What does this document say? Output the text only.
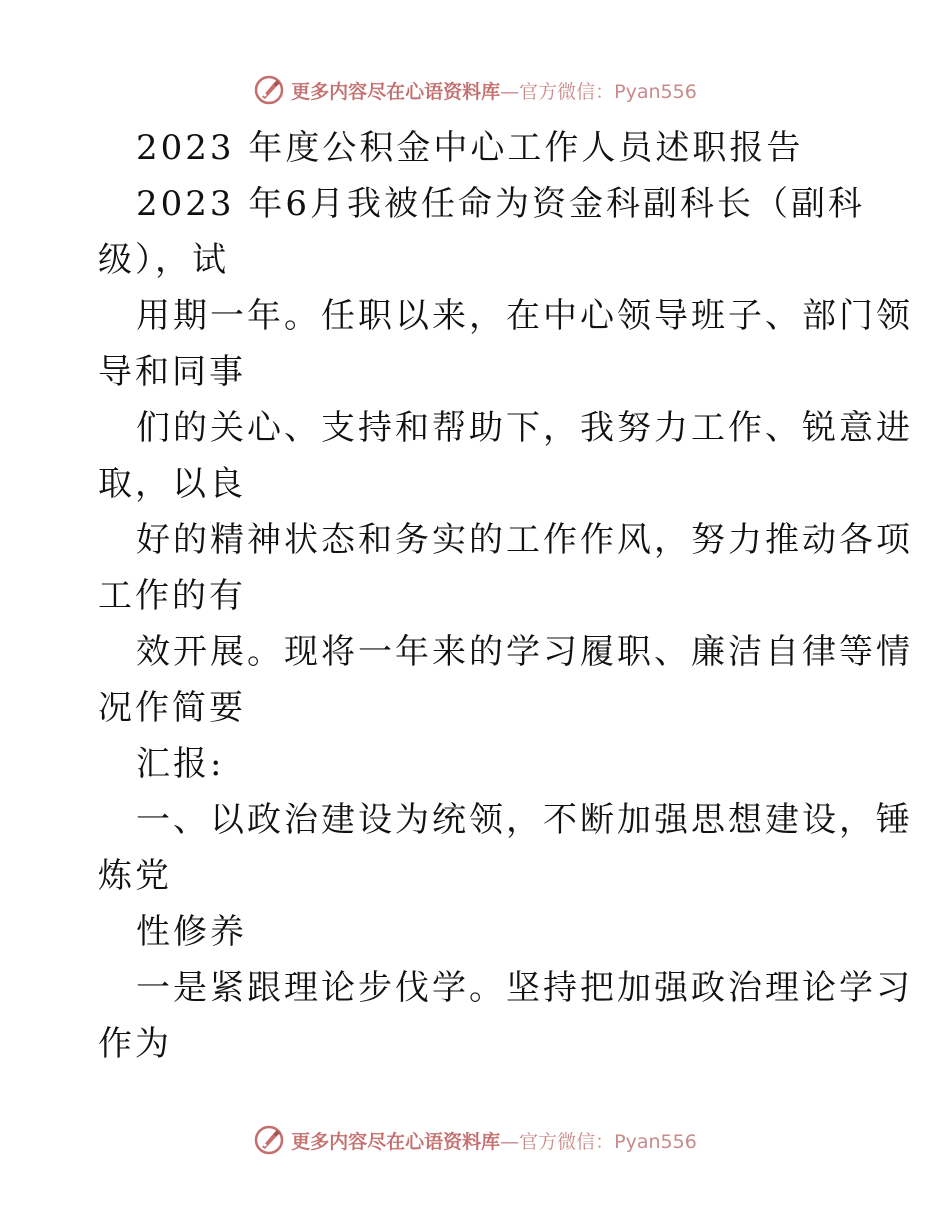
更多内容尽在心语资料库—官方微信：Pyan556
2023 年度公积金中心工作人员述职报告
2023 年6月我被任命为资金科副科长（副科
级），试
用期一年。任职以来，在中心领导班子、部门领
导和同事
们的关心、支持和帮助下，我努力工作、锐意进
取，以良
好的精神状态和务实的工作作风，努力推动各项
工作的有
效开展。现将一年来的学习履职、廉洁自律等情
况作简要
汇报:
一、以政治建设为统领，不断加强思想建设，锤
炼党
性修养
一是紧跟理论步伐学。坚持把加强政治理论学习
作为
更多内容尽在心语资料库—官方微信：Pyan556
